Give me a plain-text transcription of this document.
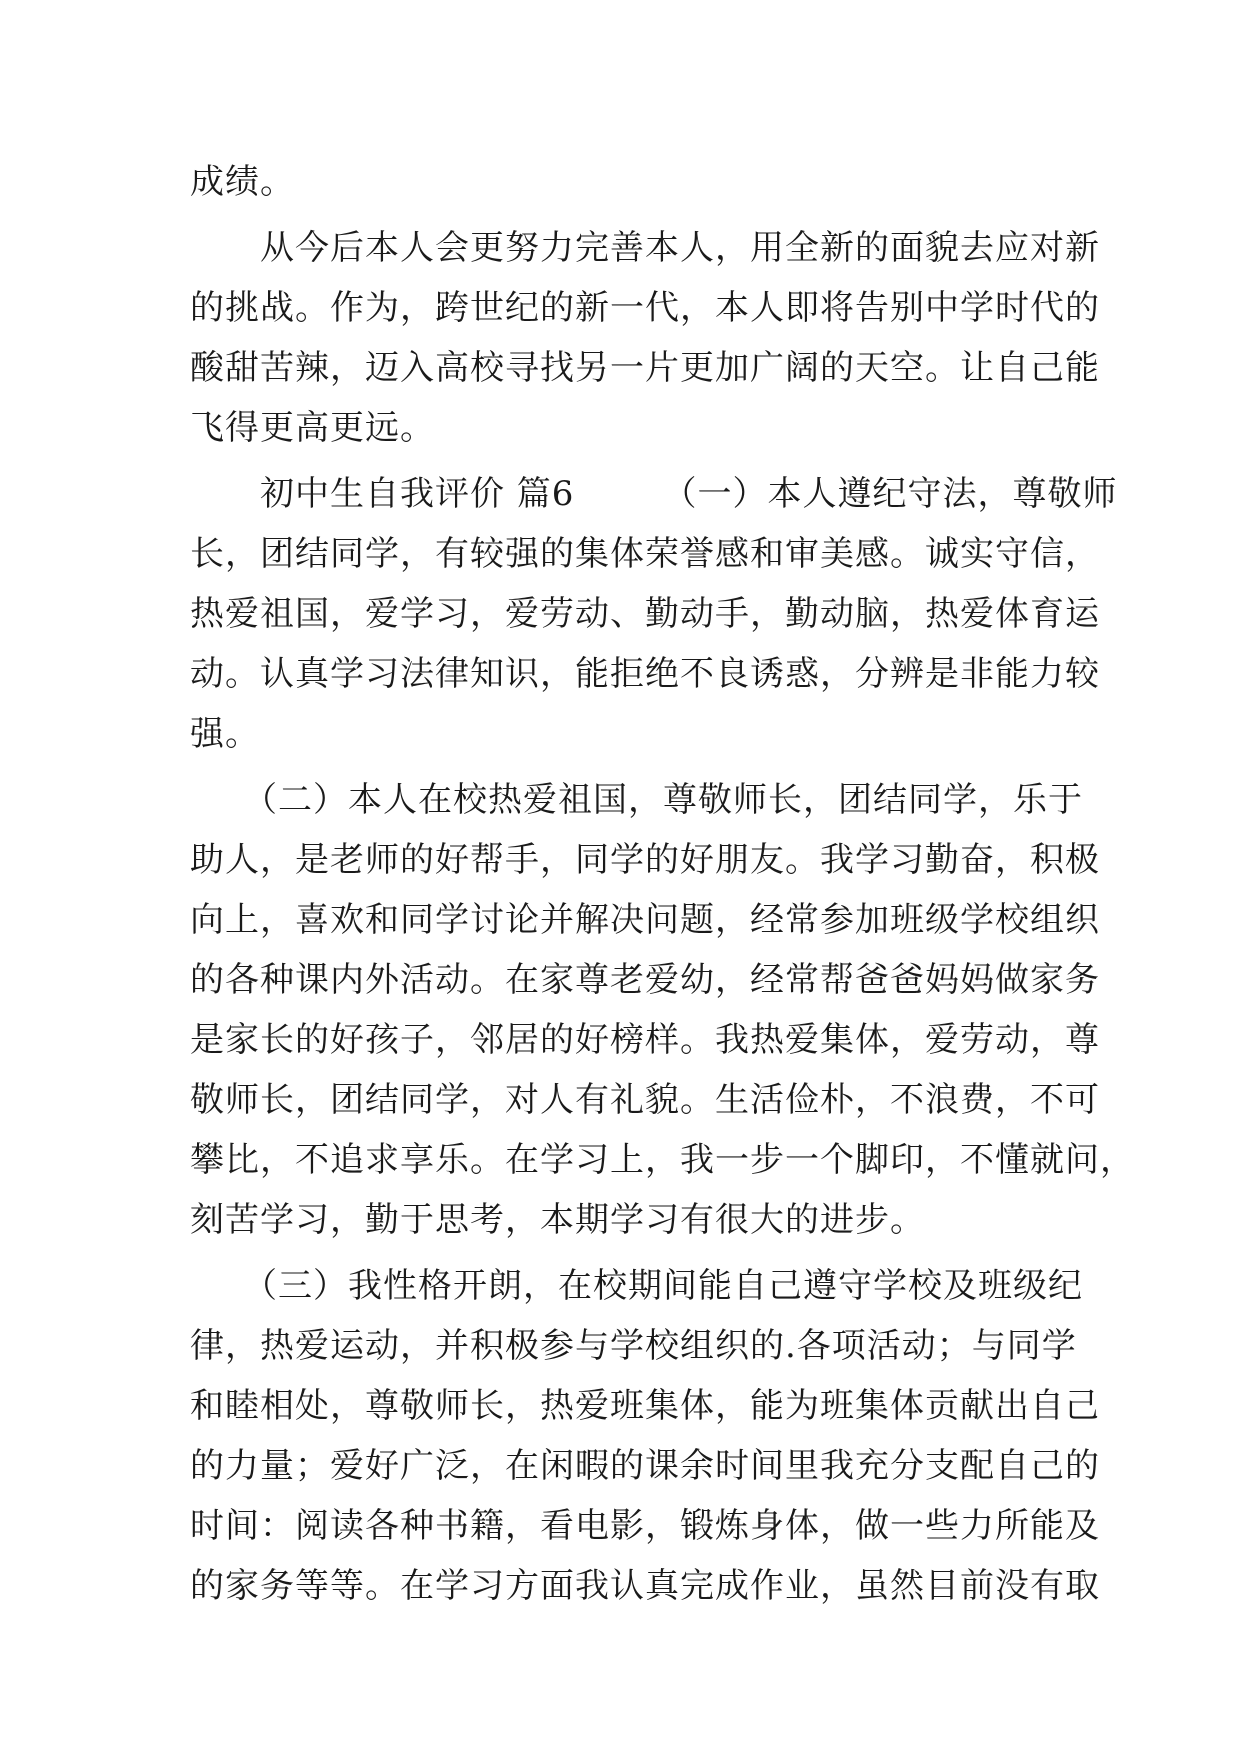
成绩。
　　从今后本人会更努力完善本人，用全新的面貌去应对新
的挑战。作为，跨世纪的新一代，本人即将告别中学时代的
酸甜苦辣，迈入高校寻找另一片更加广阔的天空。让自己能
飞得更高更远。
　　初中生自我评价 篇6　　　（一）本人遵纪守法，尊敬师
长，团结同学，有较强的集体荣誉感和审美感。诚实守信，
热爱祖国，爱学习，爱劳动、勤动手，勤动脑，热爱体育运
动。认真学习法律知识，能拒绝不良诱惑，分辨是非能力较
强。
　　（二）本人在校热爱祖国，尊敬师长，团结同学，乐于
助人，是老师的好帮手，同学的好朋友。我学习勤奋，积极
向上，喜欢和同学讨论并解决问题，经常参加班级学校组织
的各种课内外活动。在家尊老爱幼，经常帮爸爸妈妈做家务
是家长的好孩子，邻居的好榜样。我热爱集体，爱劳动，尊
敬师长，团结同学，对人有礼貌。生活俭朴，不浪费，不可
攀比，不追求享乐。在学习上，我一步一个脚印，不懂就问，
刻苦学习，勤于思考，本期学习有很大的进步。
　　（三）我性格开朗，在校期间能自己遵守学校及班级纪
律，热爱运动，并积极参与学校组织的.各项活动；与同学
和睦相处，尊敬师长，热爱班集体，能为班集体贡献出自己
的力量；爱好广泛，在闲暇的课余时间里我充分支配自己的
时间：阅读各种书籍，看电影，锻炼身体，做一些力所能及
的家务等等。在学习方面我认真完成作业，虽然目前没有取
